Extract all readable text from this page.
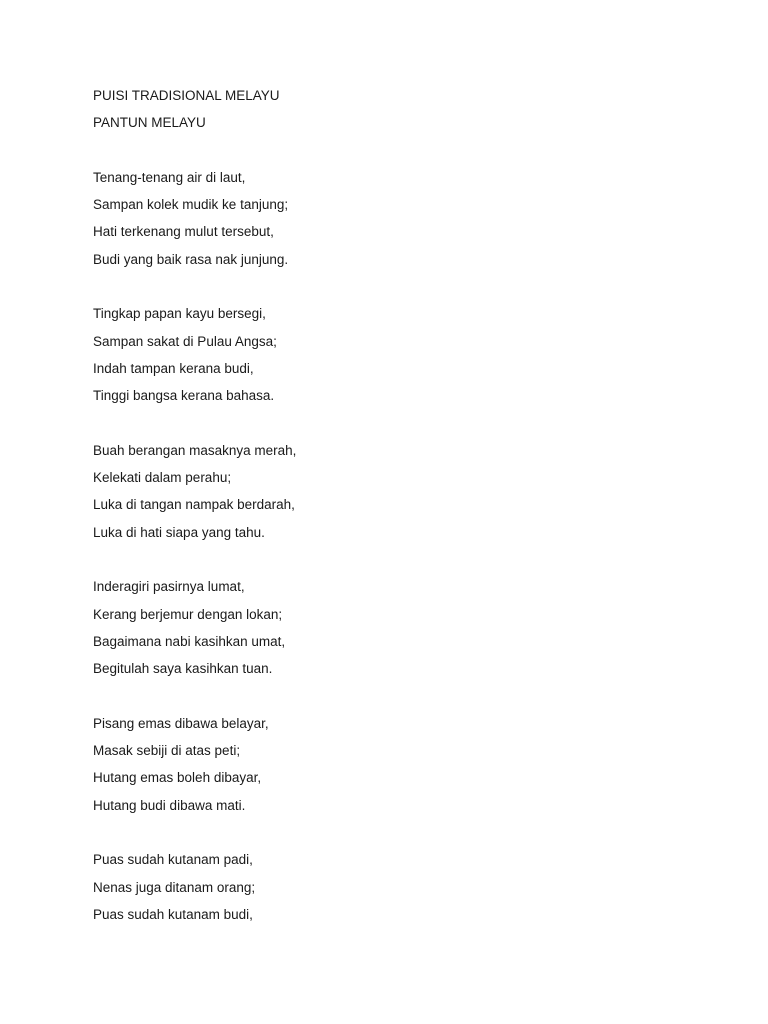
PUISI TRADISIONAL MELAYU
PANTUN MELAYU
Tenang-tenang air di laut,
Sampan kolek mudik ke tanjung;
Hati terkenang mulut tersebut,
Budi yang baik rasa nak junjung.
Tingkap papan kayu bersegi,
Sampan sakat di Pulau Angsa;
Indah tampan kerana budi,
Tinggi bangsa kerana bahasa.
Buah berangan masaknya merah,
Kelekati dalam perahu;
Luka di tangan nampak berdarah,
Luka di hati siapa yang tahu.
Inderagiri pasirnya lumat,
Kerang berjemur dengan lokan;
Bagaimana nabi kasihkan umat,
Begitulah saya kasihkan tuan.
Pisang emas dibawa belayar,
Masak sebiji di atas peti;
Hutang emas boleh dibayar,
Hutang budi dibawa mati.
Puas sudah kutanam padi,
Nenas juga ditanam orang;
Puas sudah kutanam budi,
